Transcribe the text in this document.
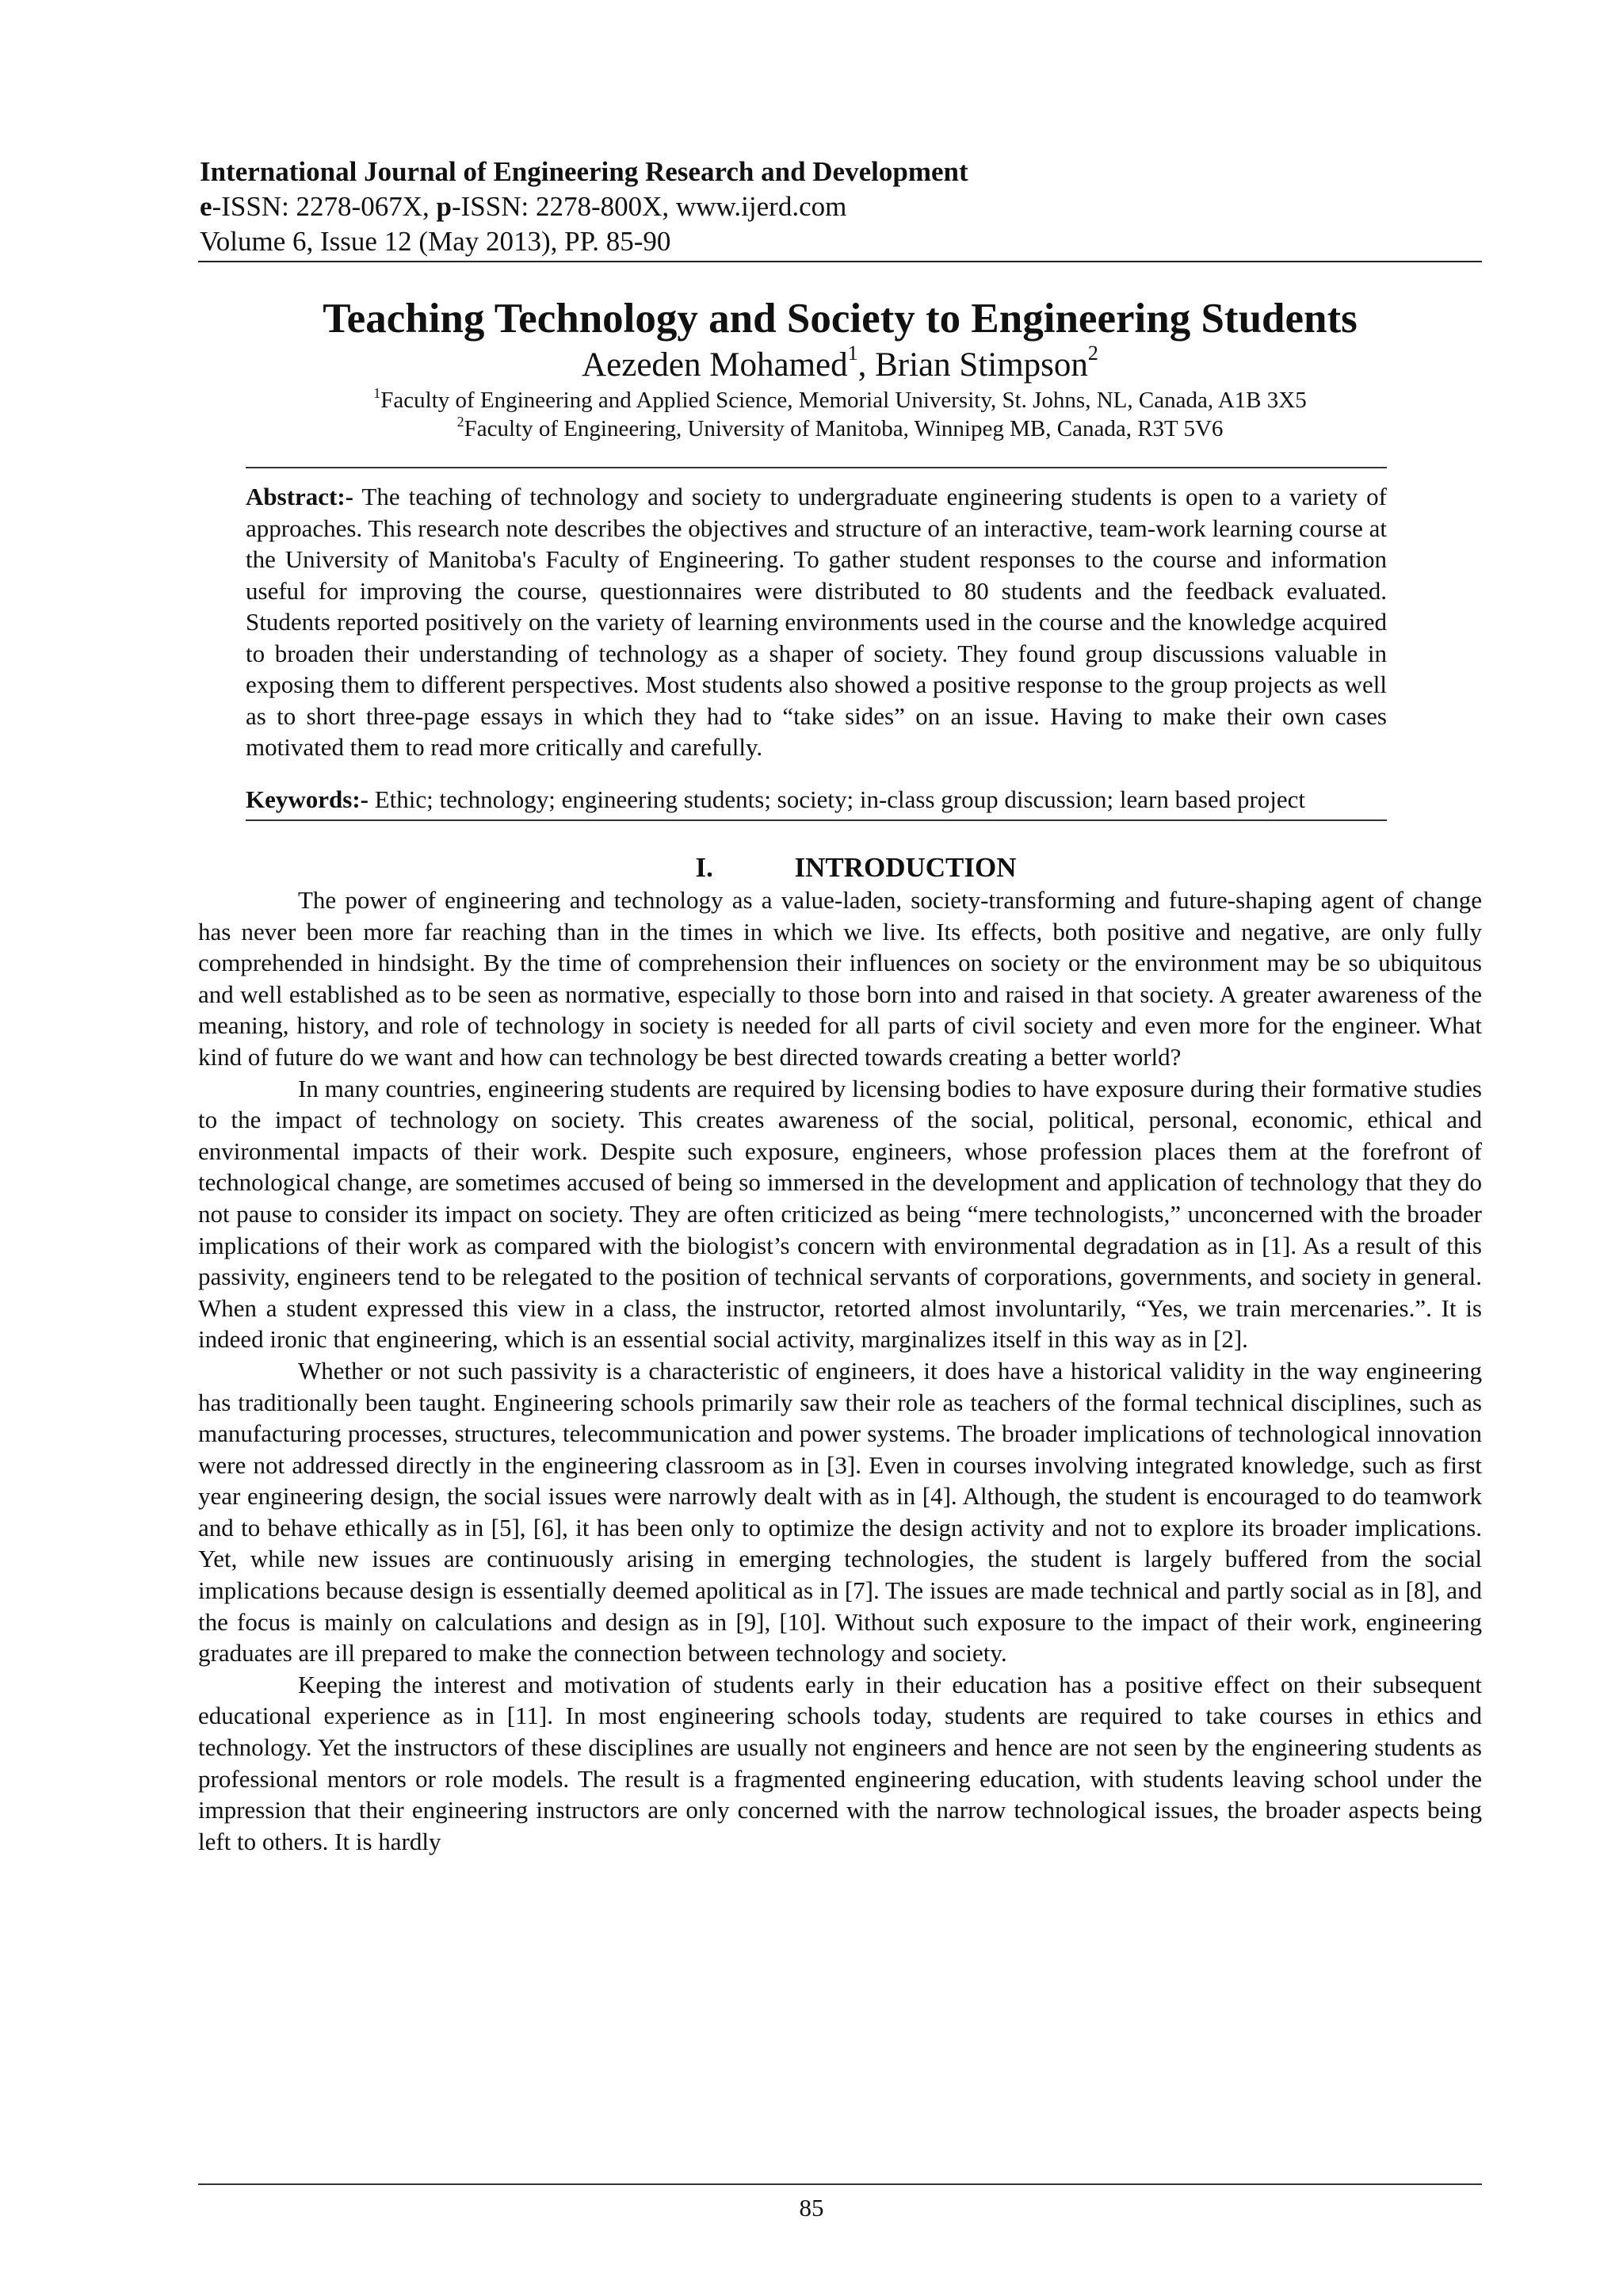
International Journal of Engineering Research and Development
e-ISSN: 2278-067X, p-ISSN: 2278-800X, www.ijerd.com
Volume 6, Issue 12 (May 2013), PP. 85-90
Teaching Technology and Society to Engineering Students
Aezeden Mohamed$^1$, Brian Stimpson$^2$
$^1$Faculty of Engineering and Applied Science, Memorial University, St. Johns, NL, Canada, A1B 3X5
$^2$Faculty of Engineering, University of Manitoba, Winnipeg MB, Canada, R3T 5V6

Abstract:- The teaching of technology and society to undergraduate engineering students is open to a variety of approaches. This research note describes the objectives and structure of an interactive, team-work learning course at the University of Manitoba's Faculty of Engineering. To gather student responses to the course and information useful for improving the course, questionnaires were distributed to 80 students and the feedback evaluated. Students reported positively on the variety of learning environments used in the course and the knowledge acquired to broaden their understanding of technology as a shaper of society. They found group discussions valuable in exposing them to different perspectives. Most students also showed a positive response to the group projects as well as to short three-page essays in which they had to “take sides” on an issue. Having to make their own cases motivated them to read more critically and carefully.

Keywords:- Ethic; technology; engineering students; society; in-class group discussion; learn based project

I.	INTRODUCTION

The power of engineering and technology as a value-laden, society-transforming and future-shaping agent of change has never been more far reaching than in the times in which we live. Its effects, both positive and negative, are only fully comprehended in hindsight. By the time of comprehension their influences on society or the environment may be so ubiquitous and well established as to be seen as normative, especially to those born into and raised in that society. A greater awareness of the meaning, history, and role of technology in society is needed for all parts of civil society and even more for the engineer. What kind of future do we want and how can technology be best directed towards creating a better world?

In many countries, engineering students are required by licensing bodies to have exposure during their formative studies to the impact of technology on society. This creates awareness of the social, political, personal, economic, ethical and environmental impacts of their work. Despite such exposure, engineers, whose profession places them at the forefront of technological change, are sometimes accused of being so immersed in the development and application of technology that they do not pause to consider its impact on society. They are often criticized as being “mere technologists,” unconcerned with the broader implications of their work as compared with the biologist’s concern with environmental degradation as in [1]. As a result of this passivity, engineers tend to be relegated to the position of technical servants of corporations, governments, and society in general. When a student expressed this view in a class, the instructor, retorted almost involuntarily, “Yes, we train mercenaries.”. It is indeed ironic that engineering, which is an essential social activity, marginalizes itself in this way as in [2].

Whether or not such passivity is a characteristic of engineers, it does have a historical validity in the way engineering has traditionally been taught. Engineering schools primarily saw their role as teachers of the formal technical disciplines, such as manufacturing processes, structures, telecommunication and power systems. The broader implications of technological innovation were not addressed directly in the engineering classroom as in [3]. Even in courses involving integrated knowledge, such as first year engineering design, the social issues were narrowly dealt with as in [4]. Although, the student is encouraged to do teamwork and to behave ethically as in [5], [6], it has been only to optimize the design activity and not to explore its broader implications. Yet, while new issues are continuously arising in emerging technologies, the student is largely buffered from the social implications because design is essentially deemed apolitical as in [7]. The issues are made technical and partly social as in [8], and the focus is mainly on calculations and design as in [9], [10]. Without such exposure to the impact of their work, engineering graduates are ill prepared to make the connection between technology and society.

Keeping the interest and motivation of students early in their education has a positive effect on their subsequent educational experience as in [11]. In most engineering schools today, students are required to take courses in ethics and technology. Yet the instructors of these disciplines are usually not engineers and hence are not seen by the engineering students as professional mentors or role models. The result is a fragmented engineering education, with students leaving school under the impression that their engineering instructors are only concerned with the narrow technological issues, the broader aspects being left to others. It is hardly

85
